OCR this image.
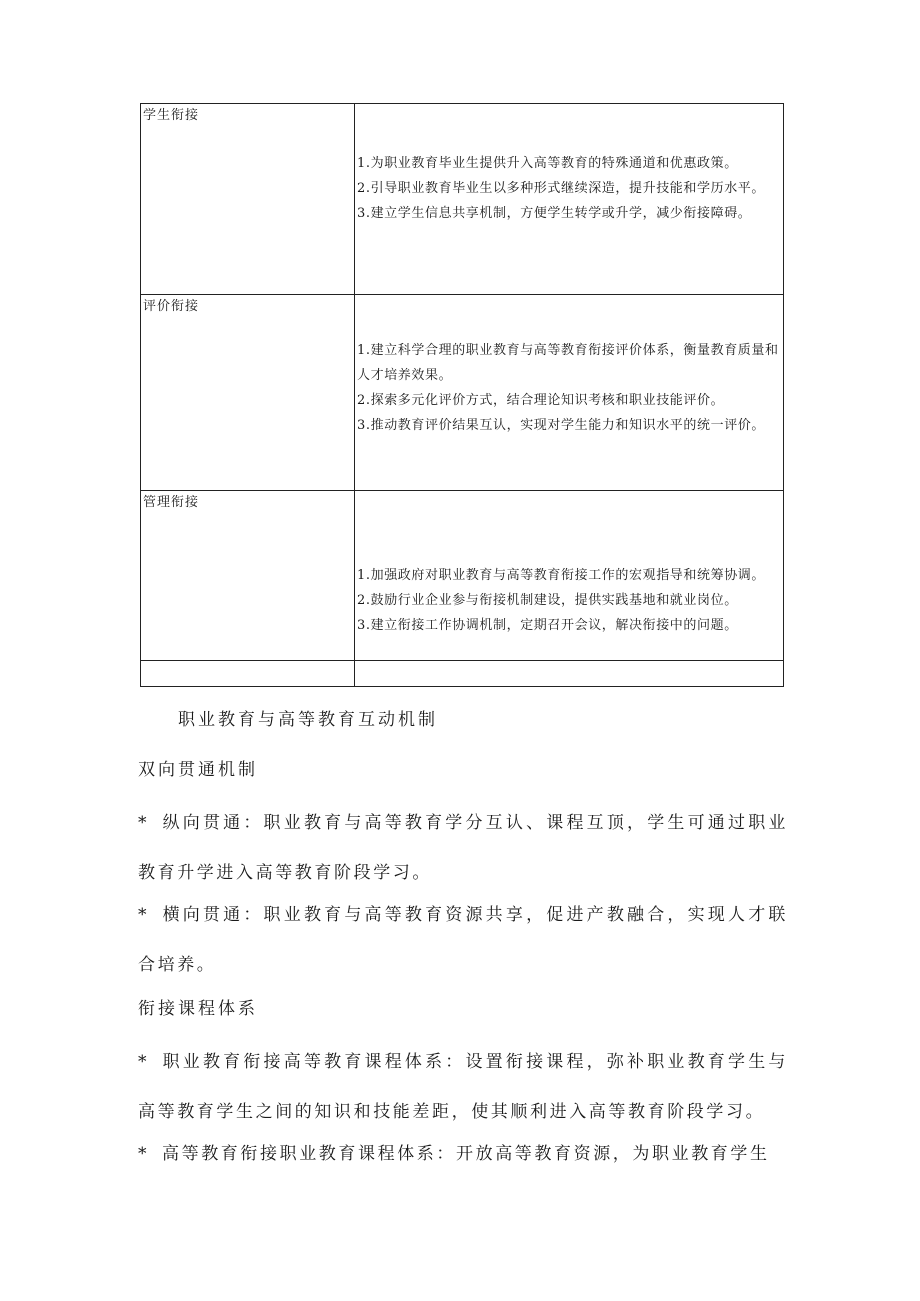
学生衔接	1.为职业教育毕业生提供升入高等教育的特殊通道和优惠政策。
2.引导职业教育毕业生以多种形式继续深造，提升技能和学历水平。
3.建立学生信息共享机制，方便学生转学或升学，减少衔接障碍。

评价衔接	1.建立科学合理的职业教育与高等教育衔接评价体系，衡量教育质量和人才培养效果。
2.探索多元化评价方式，结合理论知识考核和职业技能评价。
3.推动教育评价结果互认，实现对学生能力和知识水平的统一评价。

管理衔接	1.加强政府对职业教育与高等教育衔接工作的宏观指导和统筹协调。
2.鼓励行业企业参与衔接机制建设，提供实践基地和就业岗位。
3.建立衔接工作协调机制，定期召开会议，解决衔接中的问题。

职业教育与高等教育互动机制
双向贯通机制
* 纵向贯通：职业教育与高等教育学分互认、课程互顶，学生可通过职业教育升学进入高等教育阶段学习。
* 横向贯通：职业教育与高等教育资源共享，促进产教融合，实现人才联合培养。
衔接课程体系
* 职业教育衔接高等教育课程体系：设置衔接课程，弥补职业教育学生与高等教育学生之间的知识和技能差距，使其顺利进入高等教育阶段学习。
* 高等教育衔接职业教育课程体系：开放高等教育资源，为职业教育学生
